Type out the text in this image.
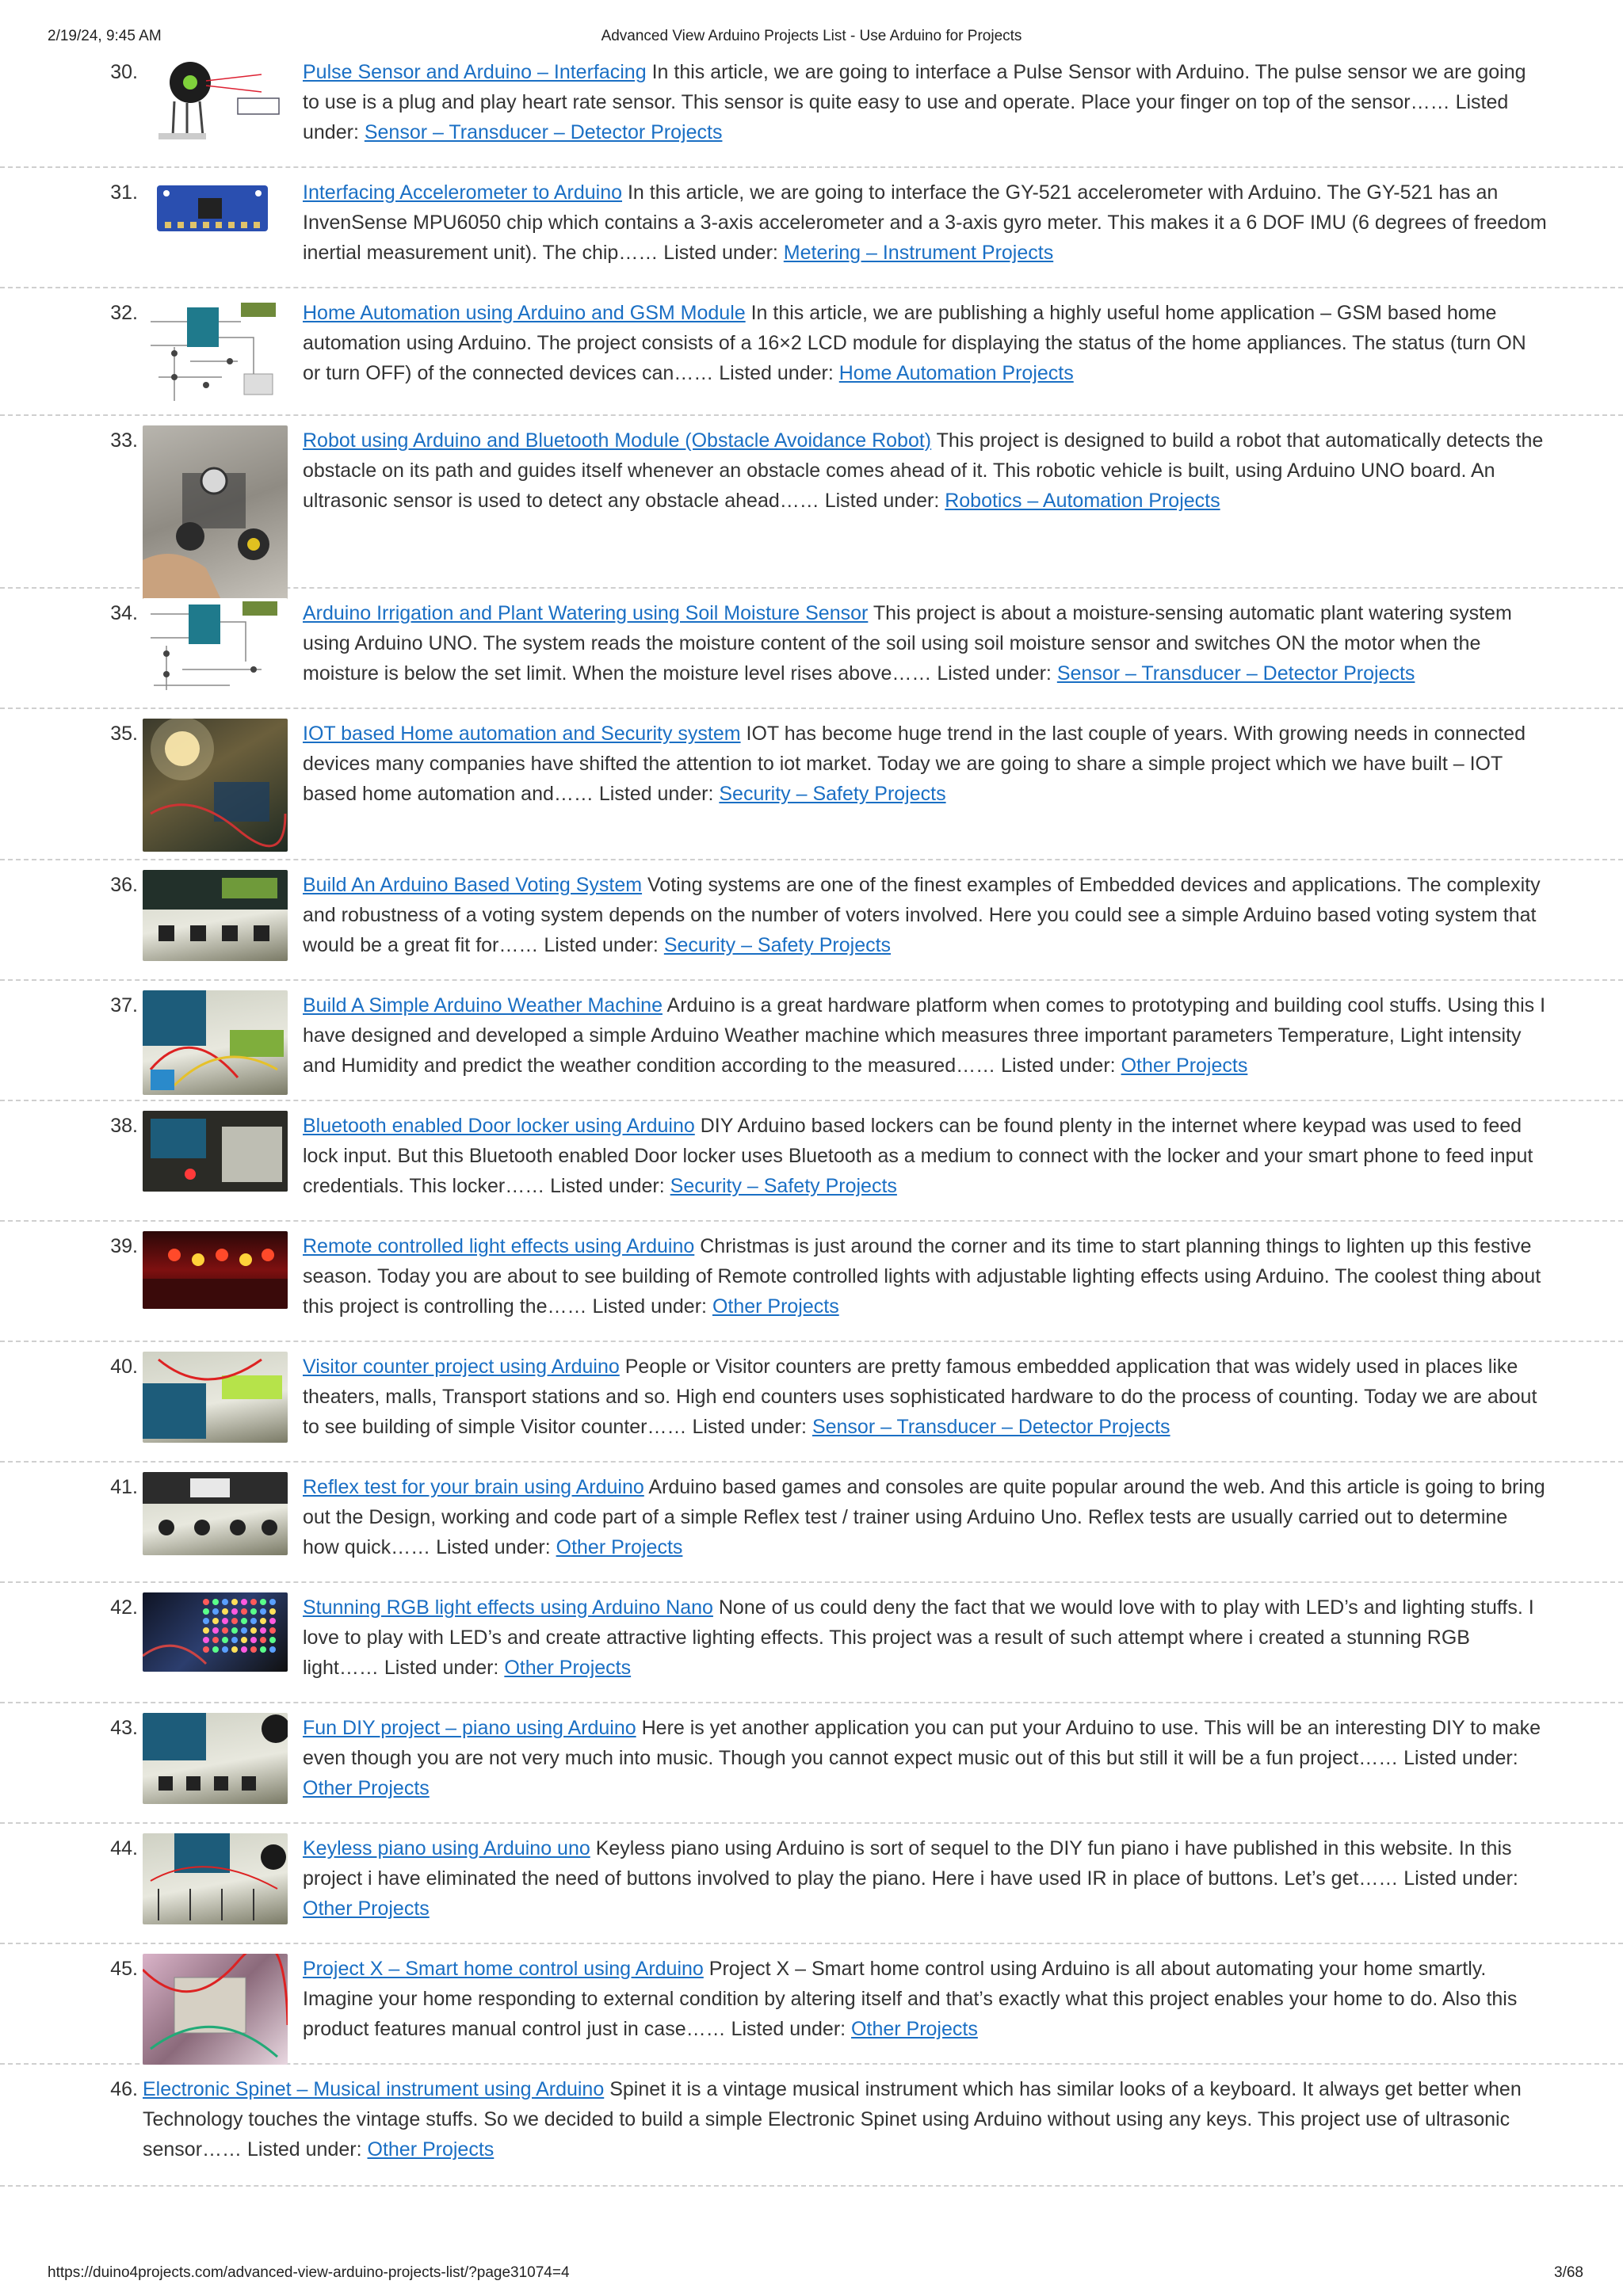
2/19/24, 9:45 AM	Advanced View Arduino Projects List - Use Arduino for Projects
30.	Pulse Sensor and Arduino – Interfacing In this article, we are going to interface a Pulse Sensor with Arduino. The pulse sensor we are going to use is a plug and play heart rate sensor. This sensor is quite easy to use and operate. Place your finger on top of the sensor…… Listed under: Sensor – Transducer – Detector Projects
31.	Interfacing Accelerometer to Arduino In this article, we are going to interface the GY-521 accelerometer with Arduino. The GY-521 has an InvenSense MPU6050 chip which contains a 3-axis accelerometer and a 3-axis gyro meter. This makes it a 6 DOF IMU (6 degrees of freedom inertial measurement unit). The chip…… Listed under: Metering – Instrument Projects
32.	Home Automation using Arduino and GSM Module In this article, we are publishing a highly useful home application – GSM based home automation using Arduino. The project consists of a 16×2 LCD module for displaying the status of the home appliances. The status (turn ON or turn OFF) of the connected devices can…… Listed under: Home Automation Projects
33.	Robot using Arduino and Bluetooth Module (Obstacle Avoidance Robot) This project is designed to build a robot that automatically detects the obstacle on its path and guides itself whenever an obstacle comes ahead of it. This robotic vehicle is built, using Arduino UNO board. An ultrasonic sensor is used to detect any obstacle ahead…… Listed under: Robotics – Automation Projects
34.	Arduino Irrigation and Plant Watering using Soil Moisture Sensor This project is about a moisture-sensing automatic plant watering system using Arduino UNO. The system reads the moisture content of the soil using soil moisture sensor and switches ON the motor when the moisture is below the set limit. When the moisture level rises above…… Listed under: Sensor – Transducer – Detector Projects
35.	IOT based Home automation and Security system IOT has become huge trend in the last couple of years. With growing needs in connected devices many companies have shifted the attention to iot market. Today we are going to share a simple project which we have built – IOT based home automation and…… Listed under: Security – Safety Projects
36.	Build An Arduino Based Voting System Voting systems are one of the finest examples of Embedded devices and applications. The complexity and robustness of a voting system depends on the number of voters involved. Here you could see a simple Arduino based voting system that would be a great fit for…… Listed under: Security – Safety Projects
37.	Build A Simple Arduino Weather Machine Arduino is a great hardware platform when comes to prototyping and building cool stuffs. Using this I have designed and developed a simple Arduino Weather machine which measures three important parameters Temperature, Light intensity and Humidity and predict the weather condition according to the measured…… Listed under: Other Projects
38.	Bluetooth enabled Door locker using Arduino DIY Arduino based lockers can be found plenty in the internet where keypad was used to feed lock input. But this Bluetooth enabled Door locker uses Bluetooth as a medium to connect with the locker and your smart phone to feed input credentials. This locker…… Listed under: Security – Safety Projects
39.	Remote controlled light effects using Arduino Christmas is just around the corner and its time to start planning things to lighten up this festive season. Today you are about to see building of Remote controlled lights with adjustable lighting effects using Arduino. The coolest thing about this project is controlling the…… Listed under: Other Projects
40.	Visitor counter project using Arduino People or Visitor counters are pretty famous embedded application that was widely used in places like theaters, malls, Transport stations and so. High end counters uses sophisticated hardware to do the process of counting. Today we are about to see building of simple Visitor counter…… Listed under: Sensor – Transducer – Detector Projects
41.	Reflex test for your brain using Arduino Arduino based games and consoles are quite popular around the web. And this article is going to bring out the Design, working and code part of a simple Reflex test / trainer using Arduino Uno. Reflex tests are usually carried out to determine how quick…… Listed under: Other Projects
42.	Stunning RGB light effects using Arduino Nano None of us could deny the fact that we would love with to play with LED’s and lighting stuffs. I love to play with LED’s and create attractive lighting effects. This project was a result of such attempt where i created a stunning RGB light…… Listed under: Other Projects
43.	Fun DIY project – piano using Arduino Here is yet another application you can put your Arduino to use. This will be an interesting DIY to make even though you are not very much into music. Though you cannot expect music out of this but still it will be a fun project…… Listed under: Other Projects
44.	Keyless piano using Arduino uno Keyless piano using Arduino is sort of sequel to the DIY fun piano i have published in this website. In this project i have eliminated the need of buttons involved to play the piano. Here i have used IR in place of buttons. Let’s get…… Listed under: Other Projects
45.	Project X – Smart home control using Arduino Project X – Smart home control using Arduino is all about automating your home smartly. Imagine your home responding to external condition by altering itself and that’s exactly what this project enables your home to do. Also this product features manual control just in case…… Listed under: Other Projects
46. Electronic Spinet – Musical instrument using Arduino Spinet it is a vintage musical instrument which has similar looks of a keyboard. It always get better when Technology touches the vintage stuffs. So we decided to build a simple Electronic Spinet using Arduino without using any keys. This project use of ultrasonic sensor…… Listed under: Other Projects
https://duino4projects.com/advanced-view-arduino-projects-list/?page31074=4	3/68
